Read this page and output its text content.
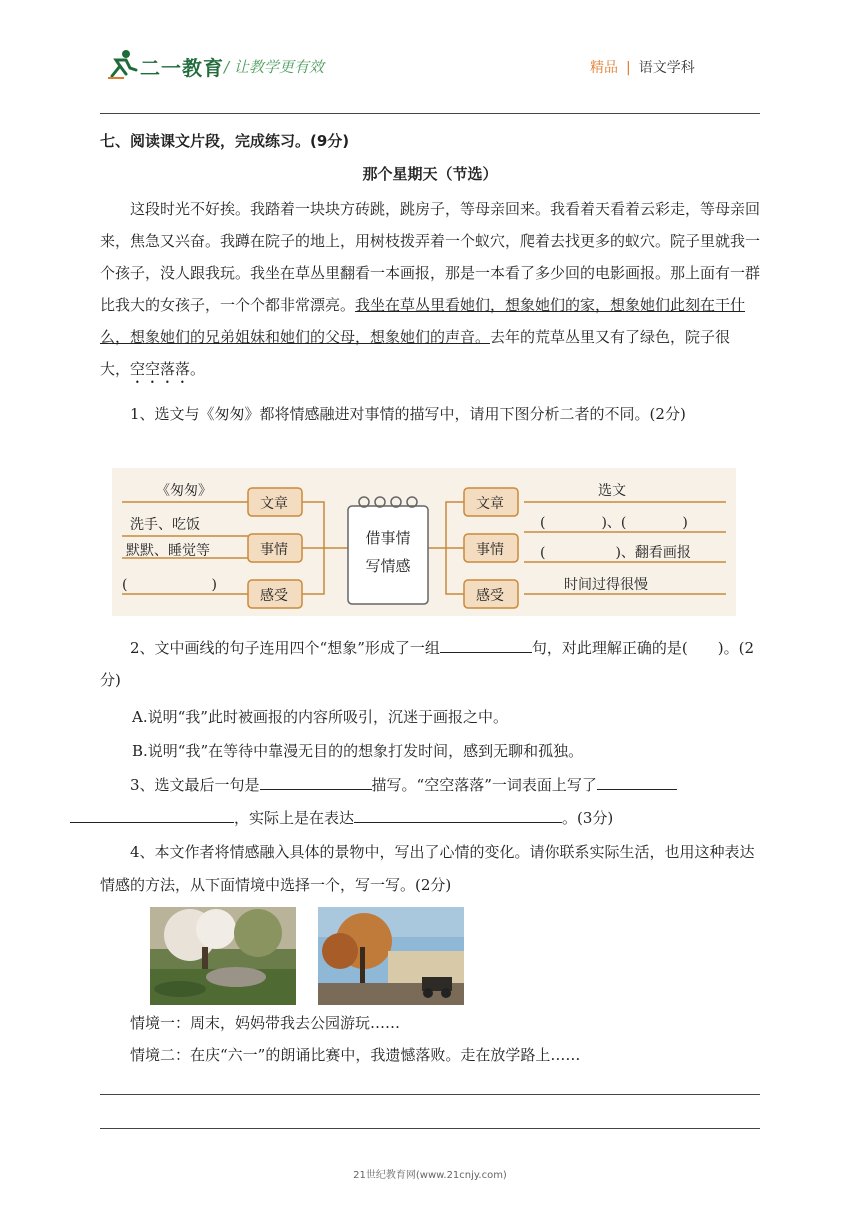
二一教育 / 让教学更有效	精品 | 语文学科
七、阅读课文片段，完成练习。(9分)
那个星期天（节选）
这段时光不好挨。我踏着一块块方砖跳，跳房子，等母亲回来。我看着天看着云彩走，等母亲回来，焦急又兴奋。我蹲在院子的地上，用树枝拨弄着一个蚁穴，爬着去找更多的蚁穴。院子里就我一个孩子，没人跟我玩。我坐在草丛里翻看一本画报，那是一本看了多少回的电影画报。那上面有一群比我大的女孩子，一个个都非常漂亮。我坐在草丛里看她们，想象她们的家，想象她们此刻在干什么，想象她们的兄弟姐妹和她们的父母，想象她们的声音。去年的荒草丛里又有了绿色，院子很大，空空落落。
1、选文与《匆匆》都将情感融进对事情的描写中，请用下图分析二者的不同。(2分)
《匆匆》
洗手、吃饭
默默、睡觉等
(　　　　　　)
文章
事情
感受
借事情写情感
文章
事情
感受
选文
(　　　　)、(　　　　)
(　　　　　)、翻看画报
时间过得很慢
2、文中画线的句子连用四个“想象”形成了一组	句，对此理解正确的是(　　)。(2分)
A.说明“我”此时被画报的内容所吸引，沉迷于画报之中。
B.说明“我”在等待中靠漫无目的的想象打发时间，感到无聊和孤独。
3、选文最后一句是	描写。“空空落落”一词表面上写了
，实际上是在表达	。(3分)
4、本文作者将情感融入具体的景物中，写出了心情的变化。请你联系实际生活，也用这种表达情感的方法，从下面情境中选择一个，写一写。(2分)
情境一：周末，妈妈带我去公园游玩……
情境二：在庆“六一”的朗诵比赛中，我遗憾落败。走在放学路上……
21世纪教育网(www.21cnjy.com)
